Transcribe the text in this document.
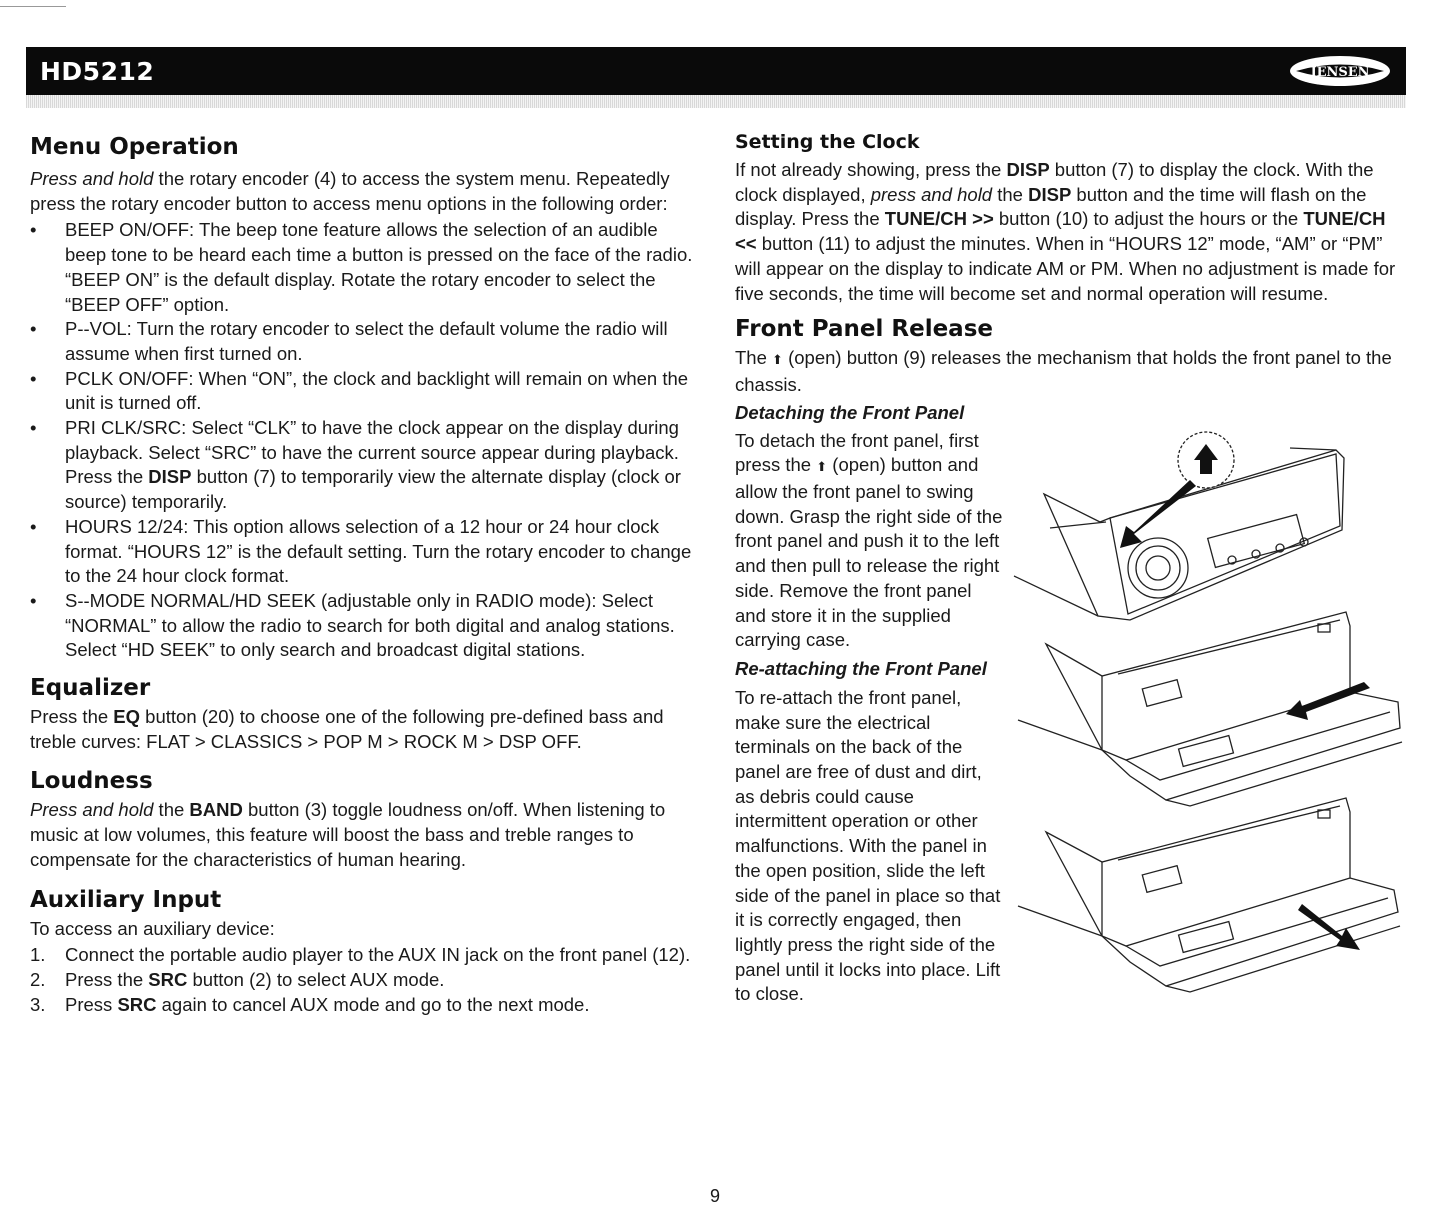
HD5212	JENSEN
Menu Operation

Press and hold the rotary encoder (4) to access the system menu. Repeatedly press the rotary encoder button to access menu options in the following order:

• BEEP ON/OFF: The beep tone feature allows the selection of an audible beep tone to be heard each time a button is pressed on the face of the radio. “BEEP ON” is the default display. Rotate the rotary encoder to select the “BEEP OFF” option.
• P--VOL: Turn the rotary encoder to select the default volume the radio will assume when first turned on.
• PCLK ON/OFF: When “ON”, the clock and backlight will remain on when the unit is turned off.
• PRI CLK/SRC: Select “CLK” to have the clock appear on the display during playback. Select “SRC” to have the current source appear during playback. Press the DISP button (7) to temporarily view the alternate display (clock or source) temporarily.
• HOURS 12/24: This option allows selection of a 12 hour or 24 hour clock format. “HOURS 12” is the default setting. Turn the rotary encoder to change to the 24 hour clock format.
• S--MODE NORMAL/HD SEEK (adjustable only in RADIO mode): Select “NORMAL” to allow the radio to search for both digital and analog stations. Select “HD SEEK” to only search and broadcast digital stations.
Equalizer

Press the EQ button (20) to choose one of the following pre-defined bass and treble curves: FLAT > CLASSICS > POP M > ROCK M > DSP OFF.

Loudness

Press and hold the BAND button (3) toggle loudness on/off. When listening to music at low volumes, this feature will boost the bass and treble ranges to compensate for the characteristics of human hearing.

Auxiliary Input

To access an auxiliary device:

1. Connect the portable audio player to the AUX IN jack on the front panel (12).
2. Press the SRC button (2) to select AUX mode.
3. Press SRC again to cancel AUX mode and go to the next mode.
Setting the Clock

If not already showing, press the DISP button (7) to display the clock. With the clock displayed, press and hold the DISP button and the time will flash on the display. Press the TUNE/CH >> button (10) to adjust the hours or the TUNE/CH << button (11) to adjust the minutes. When in “HOURS 12” mode, “AM” or “PM” will appear on the display to indicate AM or PM. When no adjustment is made for five seconds, the time will become set and normal operation will resume.

Front Panel Release

The ⬆ (open) button (9) releases the mechanism that holds the front panel to the chassis.

Detaching the Front Panel

To detach the front panel, first press the ⬆ (open) button and allow the front panel to swing down. Grasp the right side of the front panel and push it to the left and then pull to release the right side. Remove the front panel and store it in the supplied carrying case.

Re-attaching the Front Panel

To re-attach the front panel, make sure the electrical terminals on the back of the panel are free of dust and dirt, as debris could cause intermittent operation or other malfunctions. With the panel in the open position, slide the left side of the panel in place so that it is correctly engaged, then lightly press the right side of the panel until it locks into place. Lift to close.

9
